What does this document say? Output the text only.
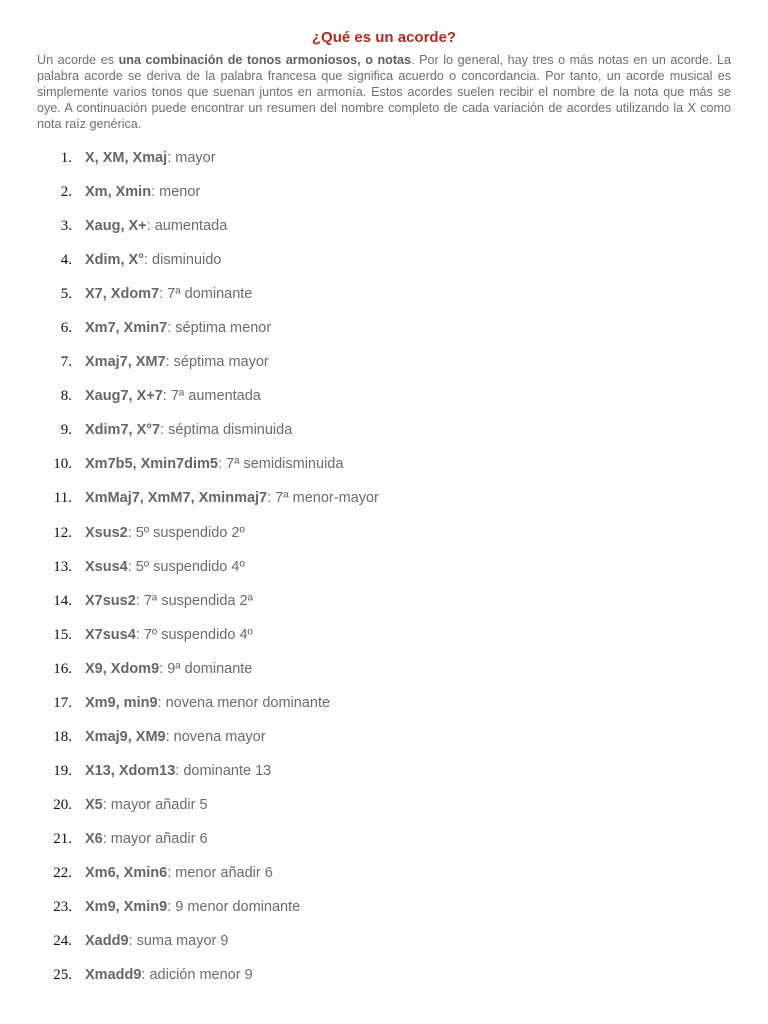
¿Qué es un acorde?

Un acorde es una combinación de tonos armoniosos, o notas. Por lo general, hay tres o más notas en un acorde. La palabra acorde se deriva de la palabra francesa que significa acuerdo o concordancia. Por tanto, un acorde musical es simplemente varios tonos que suenan juntos en armonía. Estos acordes suelen recibir el nombre de la nota que más se oye. A continuación puede encontrar un resumen del nombre completo de cada variación de acordes utilizando la X como nota raíz genérica.

1. X, XM, Xmaj: mayor
2. Xm, Xmin: menor
3. Xaug, X+: aumentada
4. Xdim, X°: disminuido
5. X7, Xdom7: 7ª dominante
6. Xm7, Xmin7: séptima menor
7. Xmaj7, XM7: séptima mayor
8. Xaug7, X+7: 7ª aumentada
9. Xdim7, X°7: séptima disminuida
10. Xm7b5, Xmin7dim5: 7ª semidisminuida
11. XmMaj7, XmM7, Xminmaj7: 7ª menor-mayor
12. Xsus2: 5º suspendido 2º
13. Xsus4: 5º suspendido 4º
14. X7sus2: 7ª suspendida 2ª
15. X7sus4: 7º suspendido 4º
16. X9, Xdom9: 9ª dominante
17. Xm9, min9: novena menor dominante
18. Xmaj9, XM9: novena mayor
19. X13, Xdom13: dominante 13
20. X5: mayor añadir 5
21. X6: mayor añadir 6
22. Xm6, Xmin6: menor añadir 6
23. Xm9, Xmin9: 9 menor dominante
24. Xadd9: suma mayor 9
25. Xmadd9: adición menor 9
